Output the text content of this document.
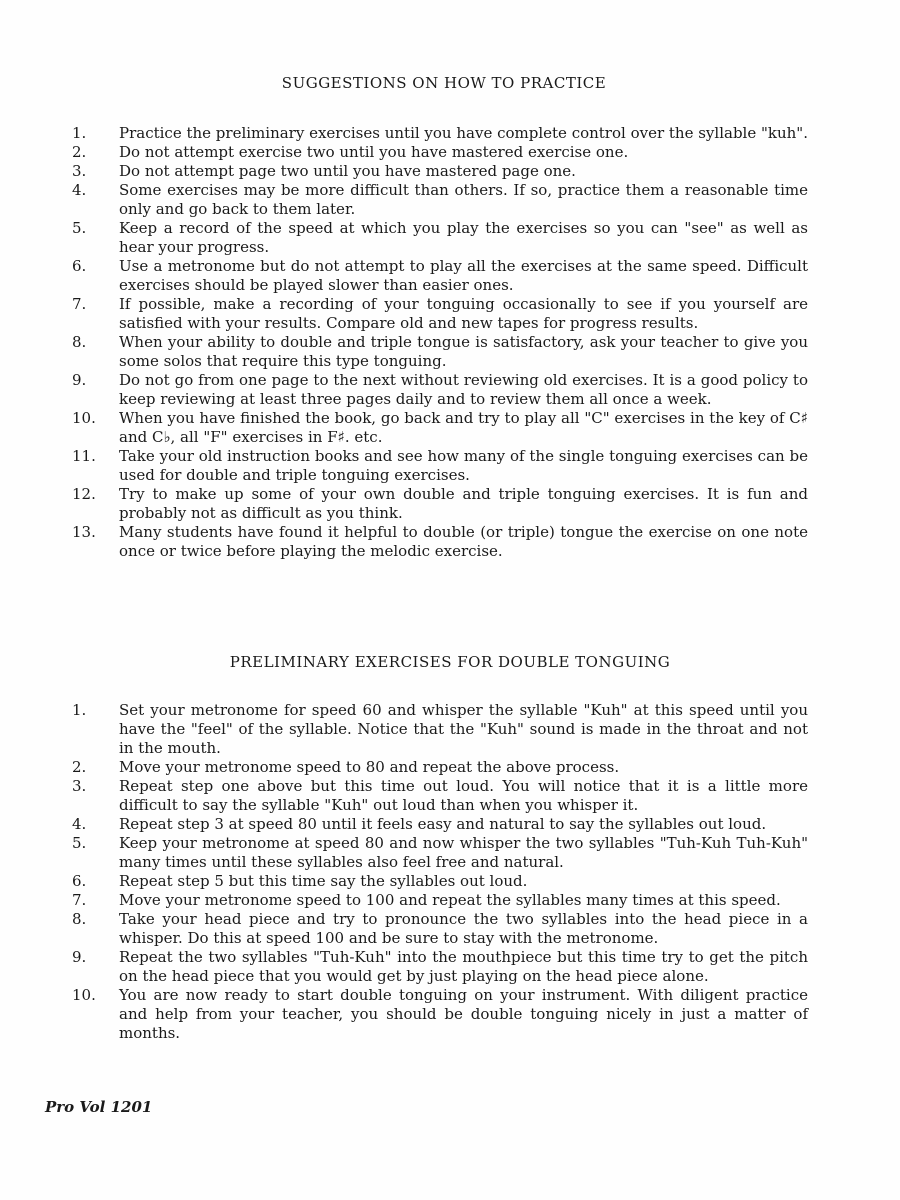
SUGGESTIONS ON HOW TO PRACTICE
1.	Practice the preliminary exercises until you have complete control over the syllable "kuh".
2.	Do not attempt exercise two until you have mastered exercise one.
3.	Do not attempt page two until you have mastered page one.
4.	Some exercises may be more difficult than others. If so, practice them a reasonable time only and go back to them later.
5.	Keep a record of the speed at which you play the exercises so you can "see" as well as hear your progress.
6.	Use a metronome but do not attempt to play all the exercises at the same speed. Difficult exercises should be played slower than easier ones.
7.	If possible, make a recording of your tonguing occasionally to see if you yourself are satisfied with your results. Compare old and new tapes for progress results.
8.	When your ability to double and triple tongue is satisfactory, ask your teacher to give you some solos that require this type tonguing.
9.	Do not go from one page to the next without reviewing old exercises. It is a good policy to keep reviewing at least three pages daily and to review them all once a week.
10.	When you have finished the book, go back and try to play all "C" exercises in the key of C♯ and C♭, all "F" exercises in F♯. etc.
11.	Take your old instruction books and see how many of the single tonguing exercises can be used for double and triple tonguing exercises.
12.	Try to make up some of your own double and triple tonguing exercises. It is fun and probably not as difficult as you think.
13.	Many students have found it helpful to double (or triple) tongue the exercise on one note once or twice before playing the melodic exercise.
PRELIMINARY EXERCISES FOR DOUBLE TONGUING
1.	Set your metronome for speed 60 and whisper the syllable "Kuh" at this speed until you have the "feel" of the syllable. Notice that the "Kuh" sound is made in the throat and not in the mouth.
2.	Move your metronome speed to 80 and repeat the above process.
3.	Repeat step one above but this time out loud. You will notice that it is a little more difficult to say the syllable "Kuh" out loud than when you whisper it.
4.	Repeat step 3 at speed 80 until it feels easy and natural to say the syllables out loud.
5.	Keep your metronome at speed 80 and now whisper the two syllables "Tuh-Kuh Tuh-Kuh" many times until these syllables also feel free and natural.
6.	Repeat step 5 but this time say the syllables out loud.
7.	Move your metronome speed to 100 and repeat the syllables many times at this speed.
8.	Take your head piece and try to pronounce the two syllables into the head piece in a whisper. Do this at speed 100 and be sure to stay with the metronome.
9.	Repeat the two syllables "Tuh-Kuh" into the mouthpiece but this time try to get the pitch on the head piece that you would get by just playing on the head piece alone.
10.	You are now ready to start double tonguing on your instrument. With diligent practice and help from your teacher, you should be double tonguing nicely in just a matter of months.
Pro Vol 1201
